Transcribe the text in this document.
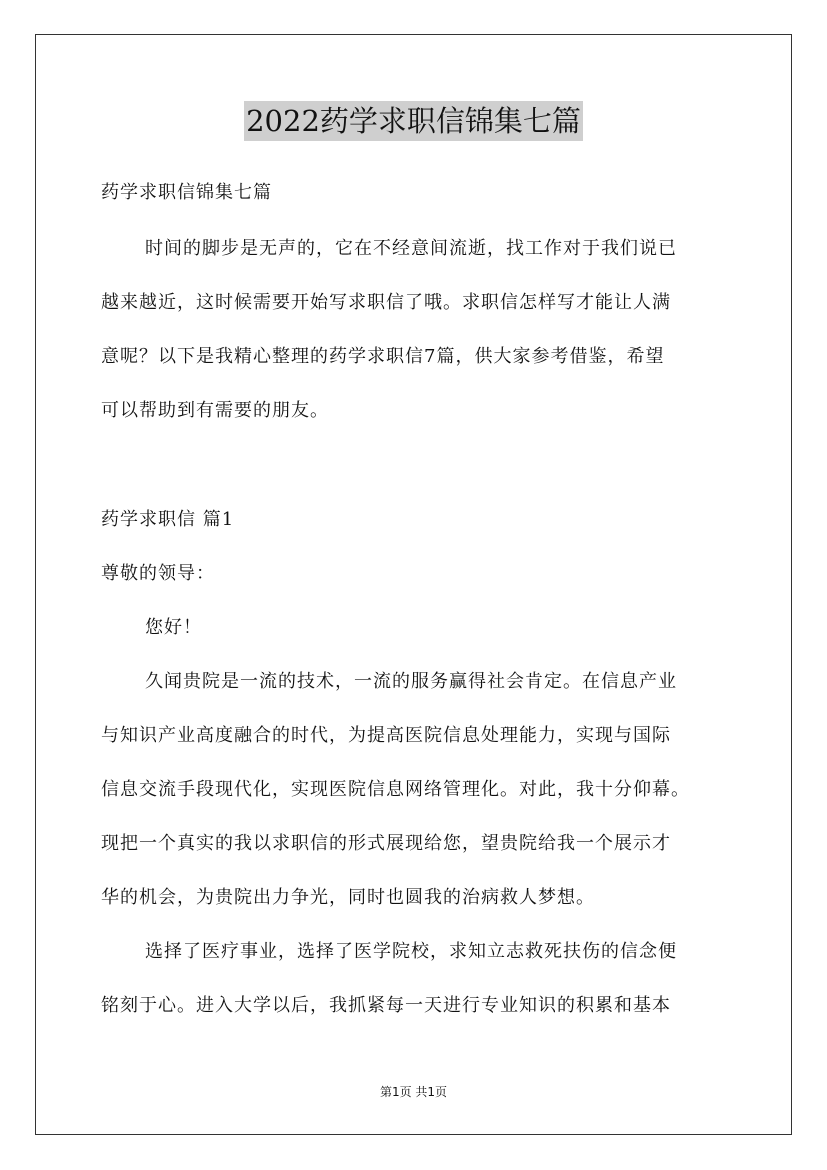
2022药学求职信锦集七篇
药学求职信锦集七篇
时间的脚步是无声的，它在不经意间流逝，找工作对于我们说已
越来越近，这时候需要开始写求职信了哦。求职信怎样写才能让人满
意呢？以下是我精心整理的药学求职信7篇，供大家参考借鉴，希望
可以帮助到有需要的朋友。
药学求职信 篇1
尊敬的领导：
您好！
久闻贵院是一流的技术，一流的服务赢得社会肯定。在信息产业
与知识产业高度融合的时代，为提高医院信息处理能力，实现与国际
信息交流手段现代化，实现医院信息网络管理化。对此，我十分仰幕。
现把一个真实的我以求职信的形式展现给您，望贵院给我一个展示才
华的机会，为贵院出力争光，同时也圆我的治病救人梦想。
选择了医疗事业，选择了医学院校，求知立志救死扶伤的信念便
铭刻于心。进入大学以后，我抓紧每一天进行专业知识的积累和基本
第1页 共1页
